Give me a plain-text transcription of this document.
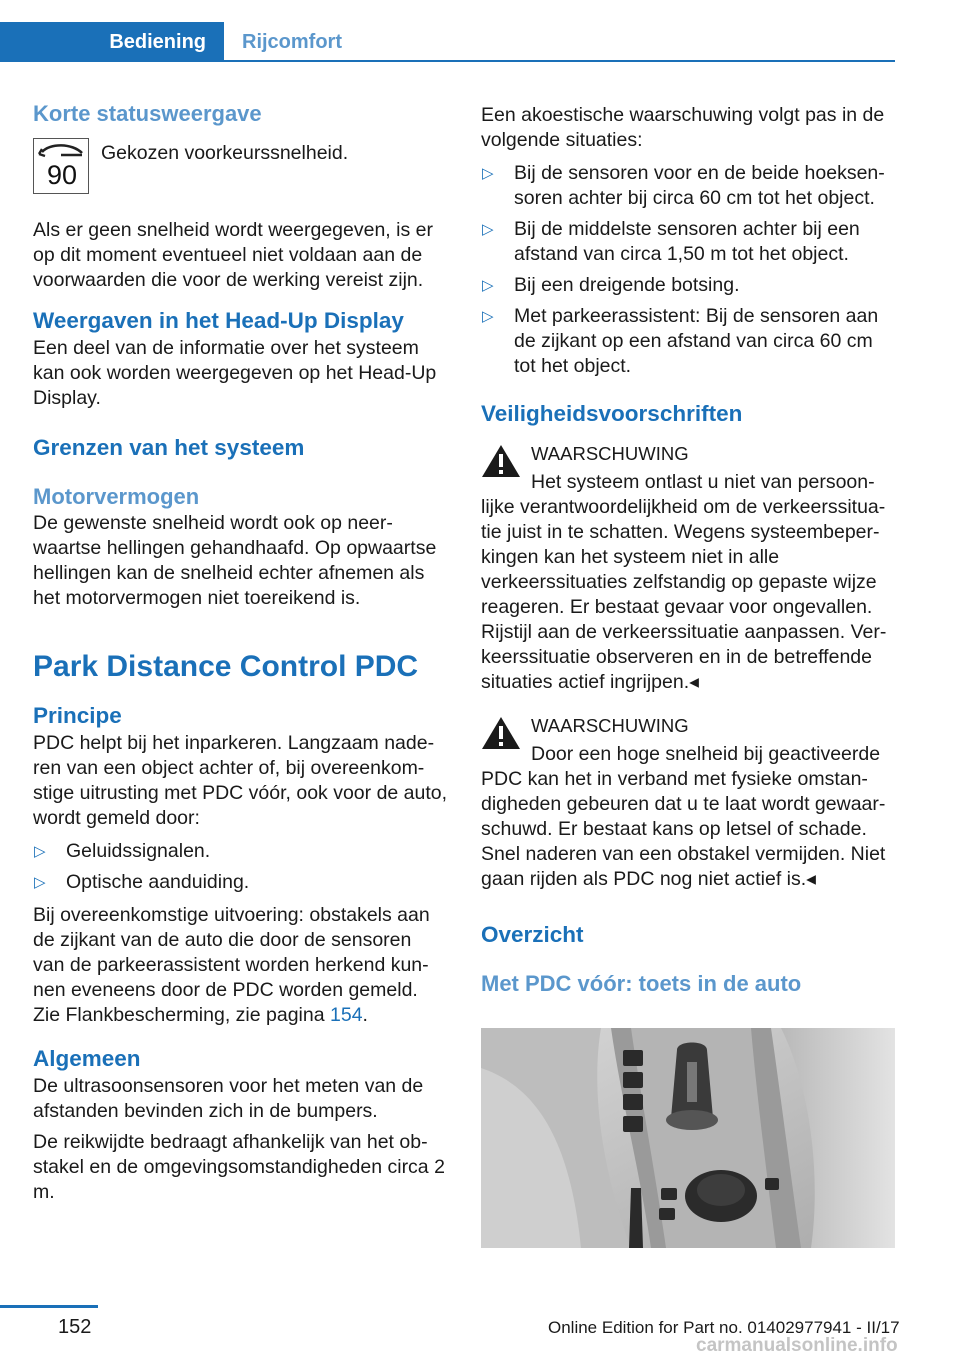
Bediening	Rijcomfort
Korte statusweergave
90

Gekozen voorkeurssnelheid.

Als er geen snelheid wordt weergegeven, is er op dit moment eventueel niet voldaan aan de voorwaarden die voor de werking vereist zijn.

Weergaven in het Head-Up Display

Een deel van de informatie over het systeem kan ook worden weergegeven op het Head-Up Display.

Grenzen van het systeem
Motorvermogen

De gewenste snelheid wordt ook op neer-waartse hellingen gehandhaafd. Op opwaartse hellingen kan de snelheid echter afnemen als het motorvermogen niet toereikend is.

Park Distance Control PDC
Principe

PDC helpt bij het inparkeren. Langzaam nade-ren van een object achter of, bij overeenkom-stige uitrusting met PDC vóór, ook voor de auto, wordt gemeld door:

▷	Geluidssignalen.
▷	Optische aanduiding.

Bij overeenkomstige uitvoering: obstakels aan de zijkant van de auto die door de sensoren van de parkeerassistent worden herkend kun-nen eveneens door de PDC worden gemeld. Zie Flankbescherming, zie pagina 154.

Algemeen

De ultrasoonsensoren voor het meten van de afstanden bevinden zich in de bumpers.

De reikwijdte bedraagt afhankelijk van het ob-stakel en de omgevingsomstandigheden circa 2 m.

Een akoestische waarschuwing volgt pas in de volgende situaties:

▷	Bij de sensoren voor en de beide hoeksen-soren achter bij circa 60 cm tot het object.
▷	Bij de middelste sensoren achter bij een afstand van circa 1,50 m tot het object.
▷	Bij een dreigende botsing.
▷	Met parkeerassistent: Bij de sensoren aan de zijkant op een afstand van circa 60 cm tot het object.
Veiligheidsvoorschriften

WAARSCHUWING

Het systeem ontlast u niet van persoon-

lijke verantwoordelijkheid om de verkeerssitua-tie juist in te schatten. Wegens systeembeper-kingen kan het systeem niet in alle verkeerssituaties zelfstandig op gepaste wijze reageren. Er bestaat gevaar voor ongevallen. Rijstijl aan de verkeerssituatie aanpassen. Ver-keerssituatie observeren en in de betreffende situaties actief ingrijpen.◂

WAARSCHUWING

Door een hoge snelheid bij geactiveerde

PDC kan het in verband met fysieke omstan-digheden gebeuren dat u te laat wordt gewaar-schuwd. Er bestaat kans op letsel of schade. Snel naderen van een obstakel vermijden. Niet gaan rijden als PDC nog niet actief is.◂

Overzicht
Met PDC vóór: toets in de auto
152	Online Edition for Part no. 01402977941 - II/17
carmanualsonline.info
